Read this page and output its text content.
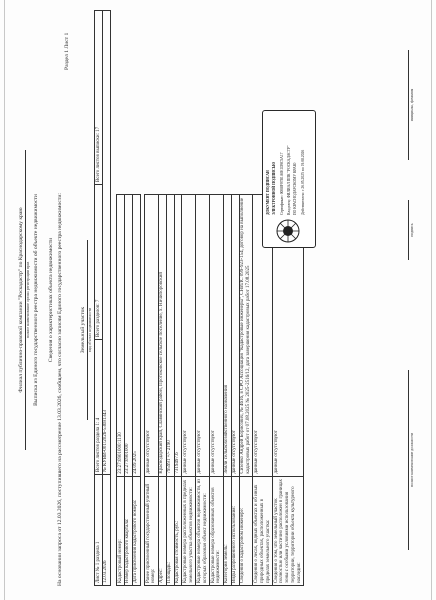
Филиал публично-правовой компании "Роскадастр" по Краснодарскому краю полное наименование органа регистрации прав Выписка из Единого государственного реестра недвижимости об объекте недвижимости Сведения о характеристиках объекта недвижимости На основании запроса от 12.03.2026, поступившего на рассмотрение 13.03.2026, сообщаем, что согласно записям Единого государственного реестра недвижимости:
Раздел 1 Лист 1
Земельный участок вид объекта недвижимости
Лист № 1 раздела 1	Всего листов раздела 1: 4	Всего разделов: 7	Всего листов выписки: 17
12.03.2026	№ КУВИ-001/2026-53691343		
Кадастровый номер:	23:27:0901000:1130
Номер кадастрового квартала:	23:27:0901000
Дата присвоения кадастрового номера:	24.09.2025
Ранее присвоенный государственный учетный номер:	данные отсутствуют
Адрес:	Краснодарский край, Славянский район, Протоковское сельское поселение, х. Ничипоровский
Площадь:	795991 +/- 2190
Кадастровая стоимость, руб.:	7319497.6
Кадастровые номера расположенных в пределах земельного участка объектов недвижимости:	данные отсутствуют
Кадастровые номера объектов недвижимости, из которых образован объект недвижимости:	данные отсутствуют
Кадастровые номера образованных объектов недвижимости:	данные отсутствуют
Категория земель:	Земли сельскохозяйственного назначения
Виды разрешенного использования:	данные отсутствуют
Сведения о кадастровом инженере:	Сизенко Андрей Борисович, № 4616, в СРО Ассоциация "Кадастровые инженеры", СНИЛС 099-923-154, договор на выполнение кадастровых работ от 07.08.2025 № 2025-2516/12, дата завершения кадастровых работ 17.08.2025
Сведения о лесах, водных объектах и об иных природных объектах, расположенных в пределах земельного участка:	данные отсутствуют
Сведения о том, что земельный участок полностью или частично расположен в границах зоны с особыми условиями использования территории, территории объекта культурного наследия:	данные отсутствуют
ДОКУМЕНТ ПОДПИСАН ЭЛЕКТРОННОЙ ПОДПИСЬЮ Сертификат: 00B8F97B1A0E1D9C5A17 Владелец: ФИЛИАЛ ППК "РОСКАДАСТР" ПО КРАСНОДАРСКОМУ КРАЮ Действителен: с 26.05.2025 по 19.08.2026
полное наименование должности
подпись
инициалы, фамилия
